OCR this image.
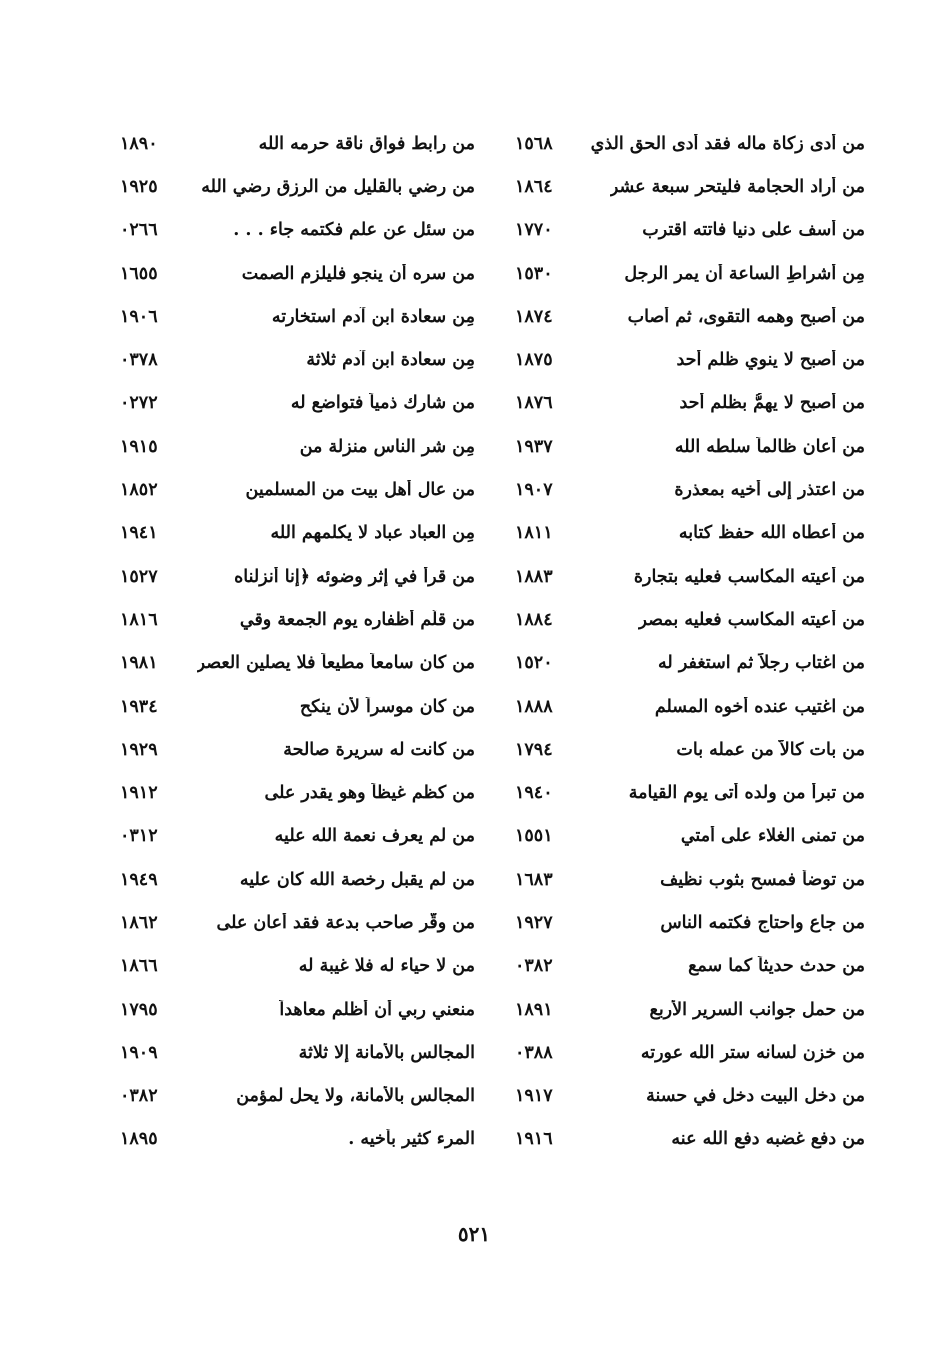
من أدى زكاة ماله فقد أدى الحق الذي
١٥٦٨
من أراد الحجامة فليتحر سبعة عشر
١٨٦٤
من أسف على دنيا فاتته اقترب
١٧٧٠
مِن أشراطِ الساعة أن يمر الرجل
١٥٣٠
من أصبح وهمه التقوى، ثم أصاب
١٨٧٤
من أصبح لا ينوي ظلم أحد
١٨٧٥
من أصبح لا يهمُّ بظلم أحد
١٨٧٦
من أعان ظالماً سلطه الله
١٩٣٧
من اعتذر إلى أخيه بمعذرة
١٩٠٧
من أعطاه الله حفظ كتابه
١٨١١
من أعيته المكاسب فعليه بتجارة
١٨٨٣
من أعيته المكاسب فعليه بمصر
١٨٨٤
من اغتاب رجلاً ثم استغفر له
١٥٢٠
من اغتيب عنده أخوه المسلم
١٨٨٨
من بات كالاًّ من عمله بات
١٧٩٤
من تبرأ من ولده أتى يوم القيامة
١٩٤٠
من تمنى الغلاء على أمتي
١٥٥١
من توضأ فمسح بثوب نظيف
١٦٨٣
من جاع واحتاج فكتمه الناس
١٩٢٧
من حدث حديثاً كما سمع
٠٣٨٢
من حمل جوانب السرير الأربع
١٨٩١
من خزن لسانه ستر الله عورته
٠٣٨٨
من دخل البيت دخل في حسنة
١٩١٧
من دفع غضبه دفع الله عنه
١٩١٦
من رابط فواق ناقة حرمه الله
١٨٩٠
من رضي بالقليل من الرزق رضي الله
١٩٢٥
من سئل عن علم فكتمه جاء . . .
٠٢٦٦
من سره أن ينجو فليلزم الصمت
١٦٥٥
مِن سعادة ابن آدم استخارته
١٩٠٦
مِن سعادة ابن آدم ثلاثة
٠٣٧٨
من شارك ذمياً فتواضع له
٠٢٧٢
مِن شر الناس منزلة من
١٩١٥
من عال أهل بيت من المسلمين
١٨٥٢
مِن العباد عباد لا يكلمهم الله
١٩٤١
من قرأ في إثر وضوئه ﴿إنا أنزلناه
١٥٢٧
من قلَّم أظفاره يوم الجمعة وقي
١٨١٦
من كان سامعاً مطيعاً فلا يصلين العصر
١٩٨١
من كان موسراً لأن ينكح
١٩٣٤
من كانت له سريرة صالحة
١٩٢٩
من كظم غيظاً وهو يقدر على
١٩١٢
من لم يعرف نعمة الله عليه
٠٣١٢
من لم يقبل رخصة الله كان عليه
١٩٤٩
من وقَّر صاحب بدعة فقد أعان على
١٨٦٢
من لا حياء له فلا غيبة له
١٨٦٦
منعني ربي أن أظلم معاهداً
١٧٩٥
المجالس بالأمانة إلا ثلاثة
١٩٠٩
المجالس بالأمانة، ولا يحل لمؤمن
٠٣٨٢
المرء كثير بأخيه .
١٨٩٥
٥٢١
